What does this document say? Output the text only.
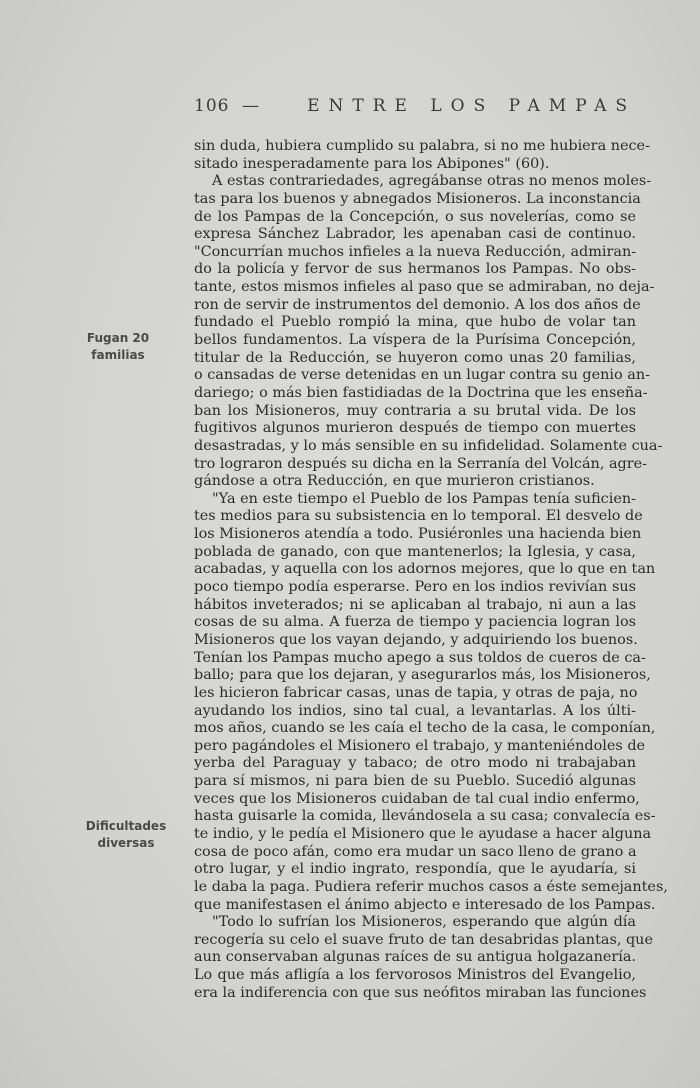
106 —	ENTRE LOS PAMPAS
Fugan 20
familias
Dificultades
diversas
sin duda, hubiera cumplido su palabra, si no me hubiera nece-
sitado inesperadamente para los Abipones" (60).
A estas contrariedades, agregábanse otras no menos moles-
tas para los buenos y abnegados Misioneros. La inconstancia
de los Pampas de la Concepción, o sus novelerías, como se
expresa Sánchez Labrador, les apenaban casi de continuo.
"Concurrían muchos infieles a la nueva Reducción, admiran-
do la policía y fervor de sus hermanos los Pampas. No obs-
tante, estos mismos infieles al paso que se admiraban, no deja-
ron de servir de instrumentos del demonio. A los dos años de
fundado el Pueblo rompió la mina, que hubo de volar tan
bellos fundamentos. La víspera de la Purísima Concepción,
titular de la Reducción, se huyeron como unas 20 familias,
o cansadas de verse detenidas en un lugar contra su genio an-
dariego; o más bien fastidiadas de la Doctrina que les enseña-
ban los Misioneros, muy contraria a su brutal vida. De los
fugitivos algunos murieron después de tiempo con muertes
desastradas, y lo más sensible en su infidelidad. Solamente cua-
tro lograron después su dicha en la Serranía del Volcán, agre-
gándose a otra Reducción, en que murieron cristianos.
"Ya en este tiempo el Pueblo de los Pampas tenía suficien-
tes medios para su subsistencia en lo temporal. El desvelo de
los Misioneros atendía a todo. Pusiéronles una hacienda bien
poblada de ganado, con que mantenerlos; la Iglesia, y casa,
acabadas, y aquella con los adornos mejores, que lo que en tan
poco tiempo podía esperarse. Pero en los indios revivían sus
hábitos inveterados; ni se aplicaban al trabajo, ni aun a las
cosas de su alma. A fuerza de tiempo y paciencia logran los
Misioneros que los vayan dejando, y adquiriendo los buenos.
Tenían los Pampas mucho apego a sus toldos de cueros de ca-
ballo; para que los dejaran, y asegurarlos más, los Misioneros,
les hicieron fabricar casas, unas de tapia, y otras de paja, no
ayudando los indios, sino tal cual, a levantarlas. A los últi-
mos años, cuando se les caía el techo de la casa, le componían,
pero pagándoles el Misionero el trabajo, y manteniéndoles de
yerba del Paraguay y tabaco; de otro modo ni trabajaban
para sí mismos, ni para bien de su Pueblo. Sucedió algunas
veces que los Misioneros cuidaban de tal cual indio enfermo,
hasta guisarle la comida, llevándosela a su casa; convalecía es-
te indio, y le pedía el Misionero que le ayudase a hacer alguna
cosa de poco afán, como era mudar un saco lleno de grano a
otro lugar, y el indio ingrato, respondía, que le ayudaría, si
le daba la paga. Pudiera referir muchos casos a éste semejantes,
que manifestasen el ánimo abjecto e interesado de los Pampas.
"Todo lo sufrían los Misioneros, esperando que algún día
recogería su celo el suave fruto de tan desabridas plantas, que
aun conservaban algunas raíces de su antigua holgazanería.
Lo que más afligía a los fervorosos Ministros del Evangelio,
era la indiferencia con que sus neófitos miraban las funciones
